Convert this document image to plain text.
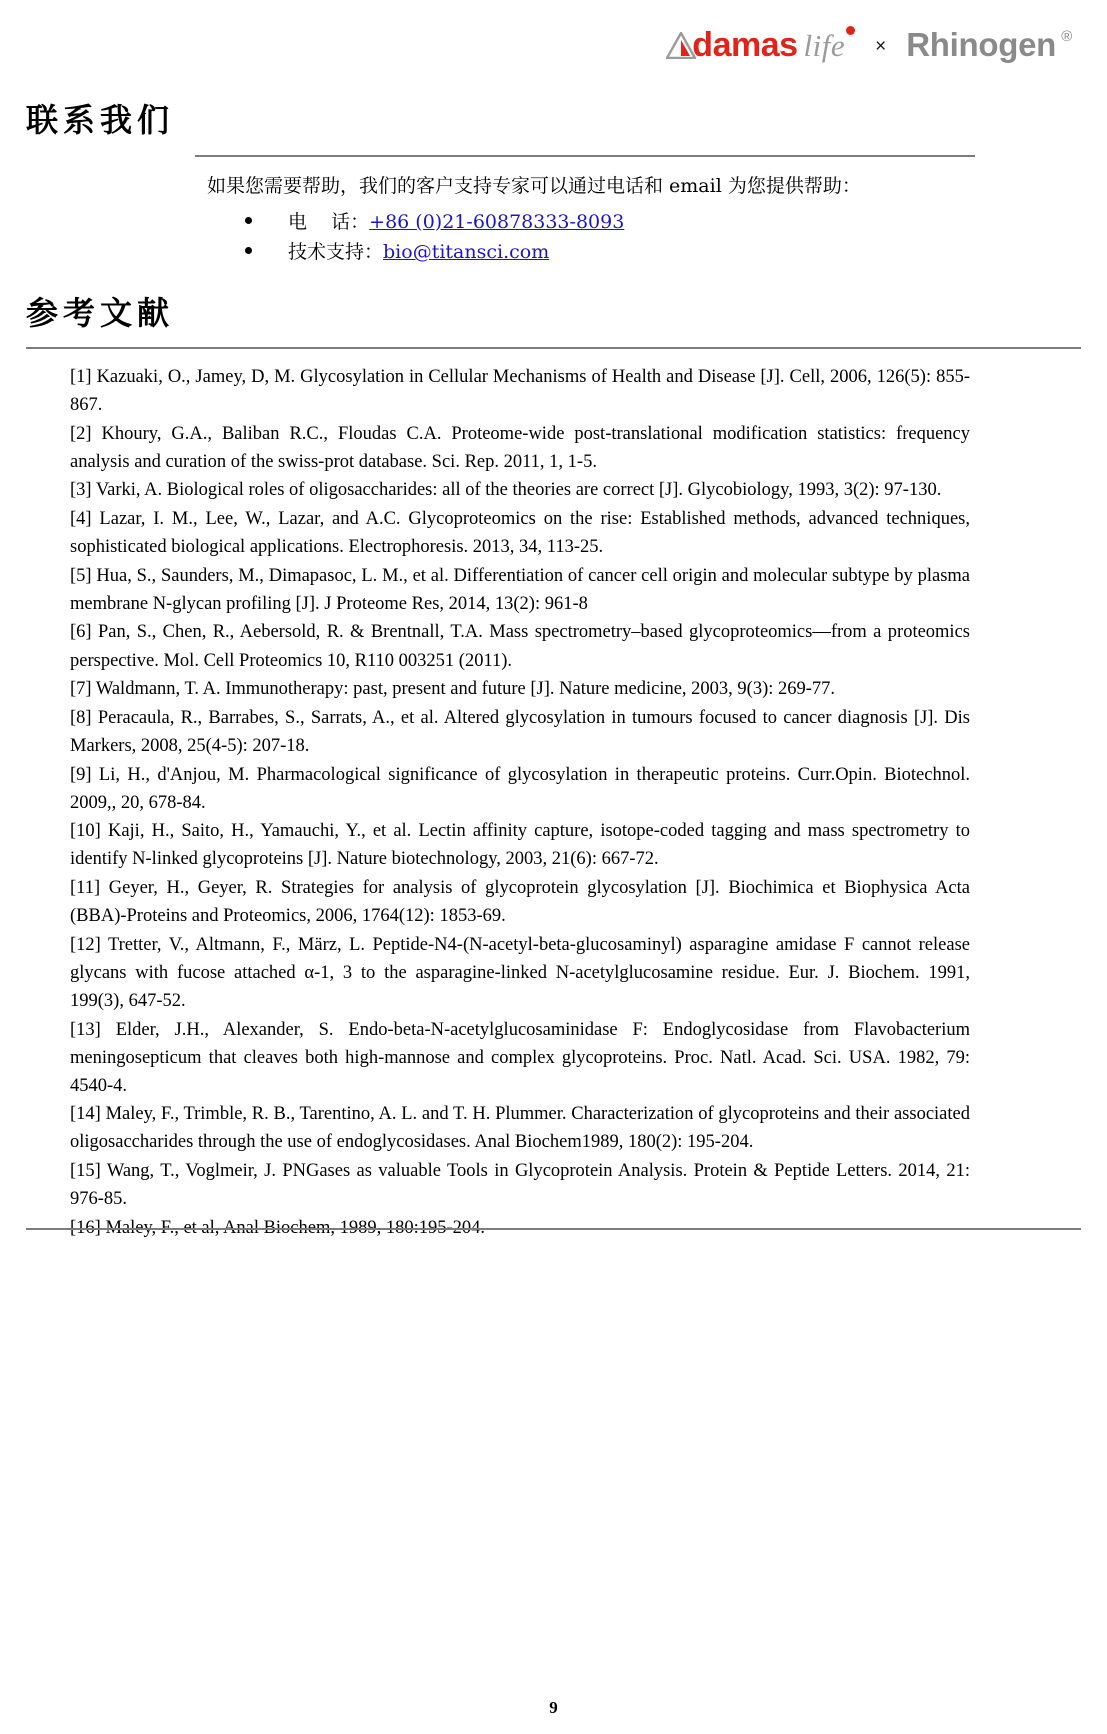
damas life	× Rhinogen ®
联系我们
如果您需要帮助，我们的客户支持专家可以通过电话和 email 为您提供帮助：
电    话： +86 (0)21-60878333-8093
技术支持： bio@titansci.com
参考文献

[1] Kazuaki, O., Jamey, D, M. Glycosylation in Cellular Mechanisms of Health and Disease [J]. Cell, 2006, 126(5): 855-867.

[2] Khoury, G.A., Baliban R.C., Floudas C.A. Proteome-wide post-translational modification statistics: frequency analysis and curation of the swiss-prot database. Sci. Rep. 2011, 1, 1-5.

[3] Varki, A. Biological roles of oligosaccharides: all of the theories are correct [J]. Glycobiology, 1993, 3(2): 97-130.

[4] Lazar, I. M., Lee, W., Lazar, and A.C. Glycoproteomics on the rise: Established methods, advanced techniques, sophisticated biological applications. Electrophoresis. 2013, 34, 113-25.

[5] Hua, S., Saunders, M., Dimapasoc, L. M., et al. Differentiation of cancer cell origin and molecular subtype by plasma membrane N-glycan profiling [J]. J Proteome Res, 2014, 13(2): 961-8

[6] Pan, S., Chen, R., Aebersold, R. & Brentnall, T.A. Mass spectrometry–based glycoproteomics—from a proteomics perspective. Mol. Cell Proteomics 10, R110 003251 (2011).

[7] Waldmann, T. A. Immunotherapy: past, present and future [J]. Nature medicine, 2003, 9(3): 269-77.

[8] Peracaula, R., Barrabes, S., Sarrats, A., et al. Altered glycosylation in tumours focused to cancer diagnosis [J]. Dis Markers, 2008, 25(4-5): 207-18.

[9] Li, H., d'Anjou, M. Pharmacological significance of glycosylation in therapeutic proteins. Curr.Opin. Biotechnol. 2009,, 20, 678-84.

[10] Kaji, H., Saito, H., Yamauchi, Y., et al. Lectin affinity capture, isotope-coded tagging and mass spectrometry to identify N-linked glycoproteins [J]. Nature biotechnology, 2003, 21(6): 667-72.

[11] Geyer, H., Geyer, R. Strategies for analysis of glycoprotein glycosylation [J]. Biochimica et Biophysica Acta (BBA)-Proteins and Proteomics, 2006, 1764(12): 1853-69.

[12] Tretter, V., Altmann, F., März, L. Peptide-N4-(N-acetyl-beta-glucosaminyl) asparagine amidase F cannot release glycans with fucose attached α-1, 3 to the asparagine-linked N-acetylglucosamine residue. Eur. J. Biochem. 1991, 199(3), 647-52.

[13] Elder, J.H., Alexander, S. Endo-beta-N-acetylglucosaminidase F: Endoglycosidase from Flavobacterium meningosepticum that cleaves both high-mannose and complex glycoproteins. Proc. Natl. Acad. Sci. USA. 1982, 79: 4540-4.

[14] Maley, F., Trimble, R. B., Tarentino, A. L. and T. H. Plummer. Characterization of glycoproteins and their associated oligosaccharides through the use of endoglycosidases. Anal Biochem1989, 180(2): 195-204.

[15] Wang, T., Voglmeir, J. PNGases as valuable Tools in Glycoprotein Analysis. Protein & Peptide Letters. 2014, 21: 976-85.

[16] Maley, F., et al, Anal Biochem, 1989, 180:195-204.

9
